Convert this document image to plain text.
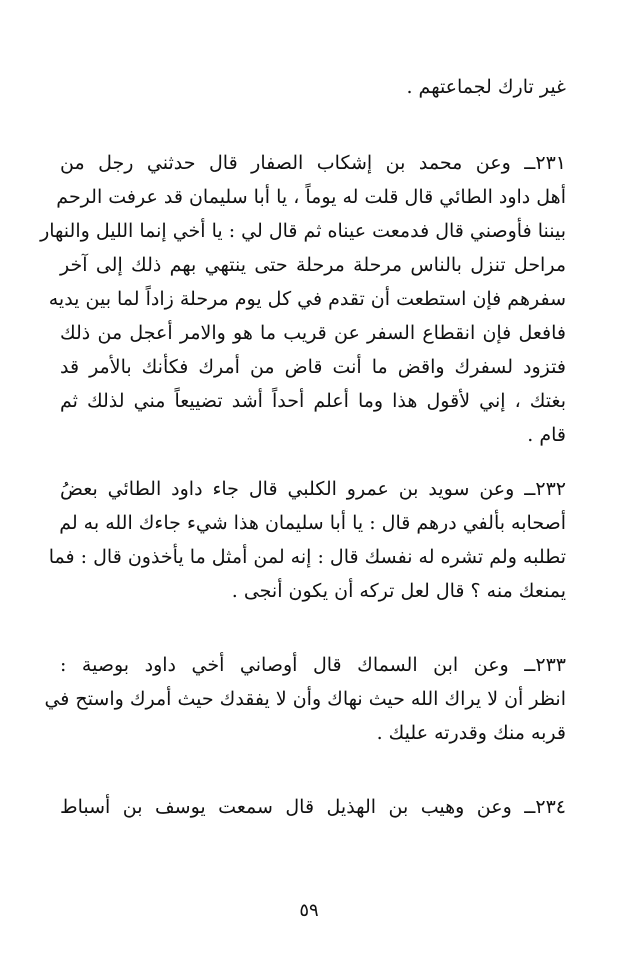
غير تارك لجماعتهم .

٢٣١ــ وعن محمد بن إشكاب الصفار قال حدثني رجل من
أهل داود الطائي قال قلت له يوماً ، يا أبا سليمان قد عرفت الرحم
بيننا فأوصني قال فدمعت عيناه ثم قال لي : يا أخي إنما الليل والنهار
مراحل تنزل بالناس مرحلة مرحلة حتى ينتهي بهم ذلك إلى آخر
سفرهم فإن استطعت أن تقدم في كل يوم مرحلة زاداً لما بين يديه
فافعل فإن انقطاع السفر عن قريب ما هو والامر أعجل من ذلك
فتزود لسفرك واقض ما أنت قاض من أمرك فكأنك بالأمر قد
بغتك ، إني لأقول هذا وما أعلم أحداً أشد تضييعاً مني لذلك ثم
قام .

٢٣٢ــ وعن سويد بن عمرو الكلبي قال جاء داود الطائي بعضُ
أصحابه بألفي درهم قال : يا أبا سليمان هذا شيء جاءك الله به لم
تطلبه ولم تشره له نفسك قال : إنه لمن أمثل ما يأخذون قال : فما
يمنعك منه ؟ قال لعل تركه أن يكون أنجى .

٢٣٣ــ وعن ابن السماك قال أوصاني أخي داود بوصية :
انظر أن لا يراك الله حيث نهاك وأن لا يفقدك حيث أمرك واستح في
قربه منك وقدرته عليك .

٢٣٤ــ وعن وهيب بن الهذيل قال سمعت يوسف بن أسباط

٥٩
